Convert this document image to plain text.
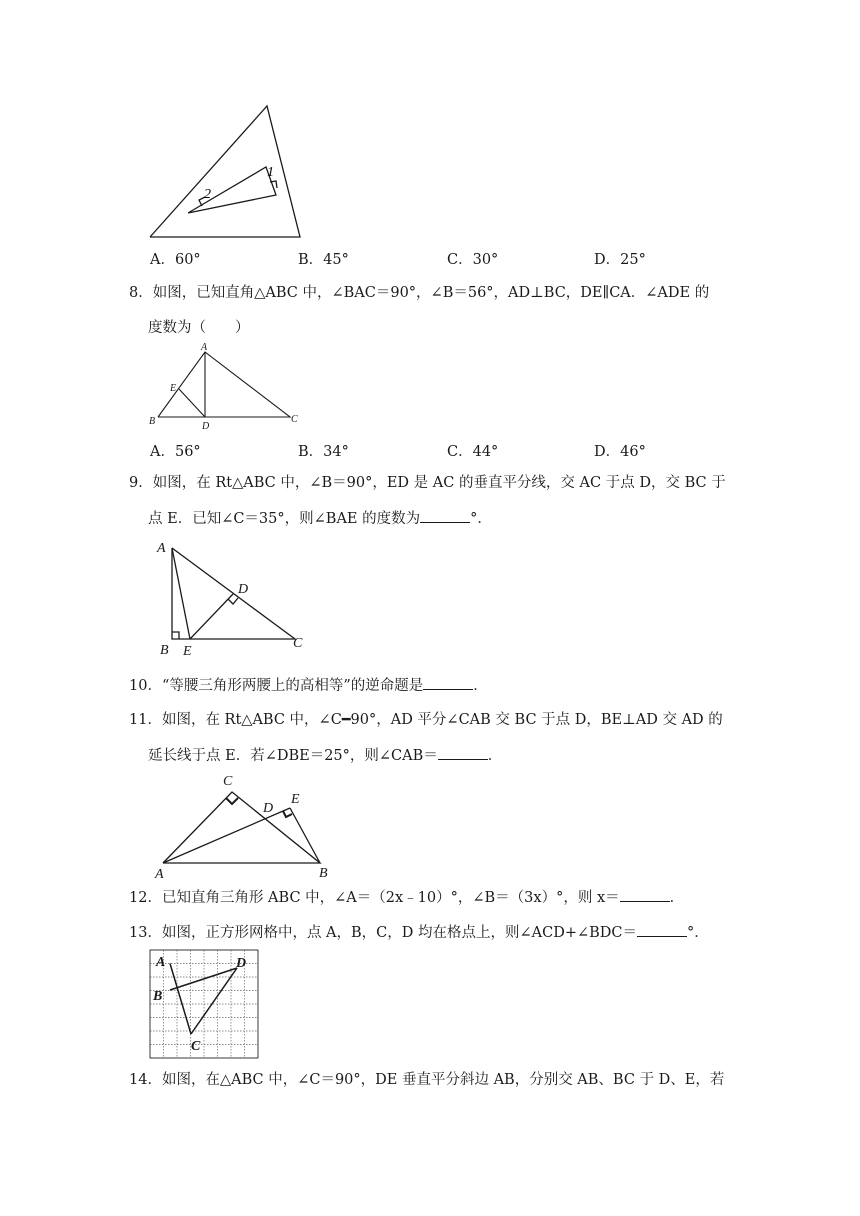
2
1
A．60°	B．45°	C．30°	D．25°
8．如图，已知直角△ABC 中，∠BAC＝90°，∠B＝56°，AD⊥BC，DE∥CA．∠ADE 的
度数为（　　）
A
B	C
D
E
A．56°	B．34°	C．44°	D．46°
9．如图，在 Rt△ABC 中，∠B＝90°，ED 是 AC 的垂直平分线，交 AC 于点 D，交 BC 于
点 E．已知∠C＝35°，则∠BAE 的度数为	°．
A
B	C
D
E
10．“等腰三角形两腰上的高相等”的逆命题是	．
11．如图，在 Rt△ABC 中，∠C━90°，AD 平分∠CAB 交 BC 于点 D，BE⊥AD 交 AD 的
延长线于点 E．若∠DBE＝25°，则∠CAB＝	．
C
A	B
D
E
12．已知直角三角形 ABC 中，∠A＝（2x﹣10）°，∠B＝（3x）°，则 x＝	．
13．如图，正方形网格中，点 A，B，C，D 均在格点上，则∠ACD+∠BDC＝	°．
A
B
C
D
14．如图，在△ABC 中，∠C＝90°，DE 垂直平分斜边 AB，分别交 AB、BC 于 D、E，若
